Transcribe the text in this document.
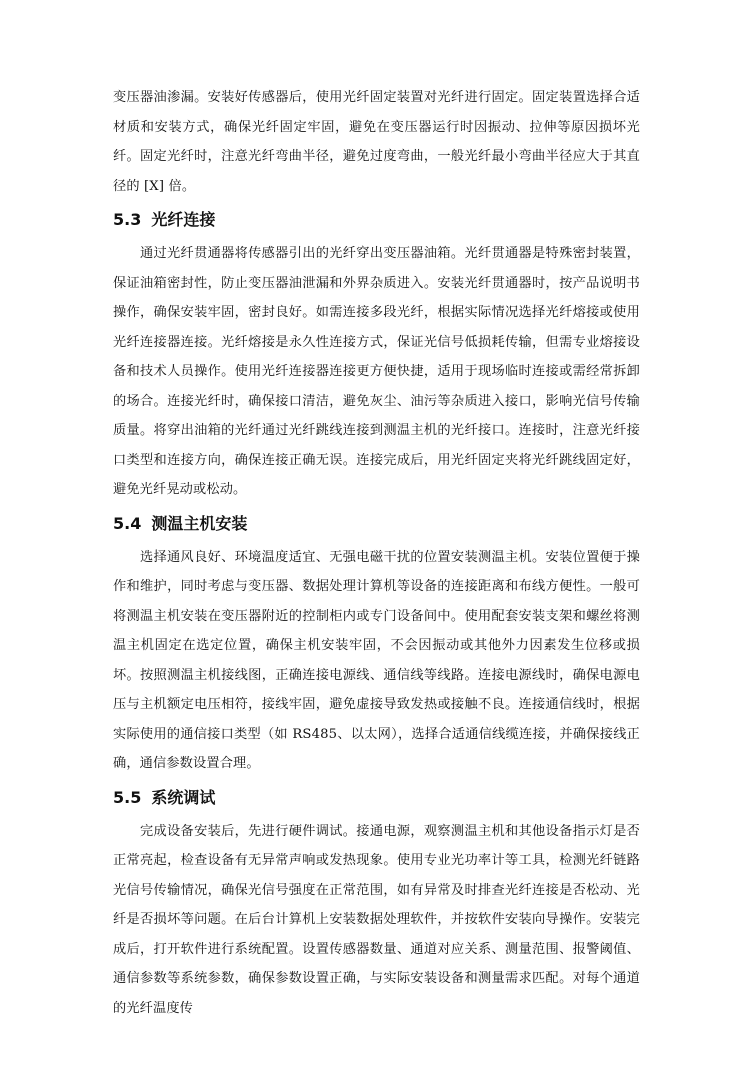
变压器油渗漏。安装好传感器后，使用光纤固定装置对光纤进行固定。固定装置选择合适材质和安装方式，确保光纤固定牢固，避免在变压器运行时因振动、拉伸等原因损坏光纤。固定光纤时，注意光纤弯曲半径，避免过度弯曲，一般光纤最小弯曲半径应大于其直径的 [X] 倍。

5.3 光纤连接

通过光纤贯通器将传感器引出的光纤穿出变压器油箱。光纤贯通器是特殊密封装置，保证油箱密封性，防止变压器油泄漏和外界杂质进入。安装光纤贯通器时，按产品说明书操作，确保安装牢固，密封良好。如需连接多段光纤，根据实际情况选择光纤熔接或使用光纤连接器连接。光纤熔接是永久性连接方式，保证光信号低损耗传输，但需专业熔接设备和技术人员操作。使用光纤连接器连接更方便快捷，适用于现场临时连接或需经常拆卸的场合。连接光纤时，确保接口清洁，避免灰尘、油污等杂质进入接口，影响光信号传输质量。将穿出油箱的光纤通过光纤跳线连接到测温主机的光纤接口。连接时，注意光纤接口类型和连接方向，确保连接正确无误。连接完成后，用光纤固定夹将光纤跳线固定好，避免光纤晃动或松动。

5.4 测温主机安装

选择通风良好、环境温度适宜、无强电磁干扰的位置安装测温主机。安装位置便于操作和维护，同时考虑与变压器、数据处理计算机等设备的连接距离和布线方便性。一般可将测温主机安装在变压器附近的控制柜内或专门设备间中。使用配套安装支架和螺丝将测温主机固定在选定位置，确保主机安装牢固，不会因振动或其他外力因素发生位移或损坏。按照测温主机接线图，正确连接电源线、通信线等线路。连接电源线时，确保电源电压与主机额定电压相符，接线牢固，避免虚接导致发热或接触不良。连接通信线时，根据实际使用的通信接口类型（如 RS485、以太网），选择合适通信线缆连接，并确保接线正确，通信参数设置合理。

5.5 系统调试

完成设备安装后，先进行硬件调试。接通电源，观察测温主机和其他设备指示灯是否正常亮起，检查设备有无异常声响或发热现象。使用专业光功率计等工具，检测光纤链路光信号传输情况，确保光信号强度在正常范围，如有异常及时排查光纤连接是否松动、光纤是否损坏等问题。在后台计算机上安装数据处理软件，并按软件安装向导操作。安装完成后，打开软件进行系统配置。设置传感器数量、通道对应关系、测量范围、报警阈值、通信参数等系统参数，确保参数设置正确，与实际安装设备和测量需求匹配。对每个通道的光纤温度传
